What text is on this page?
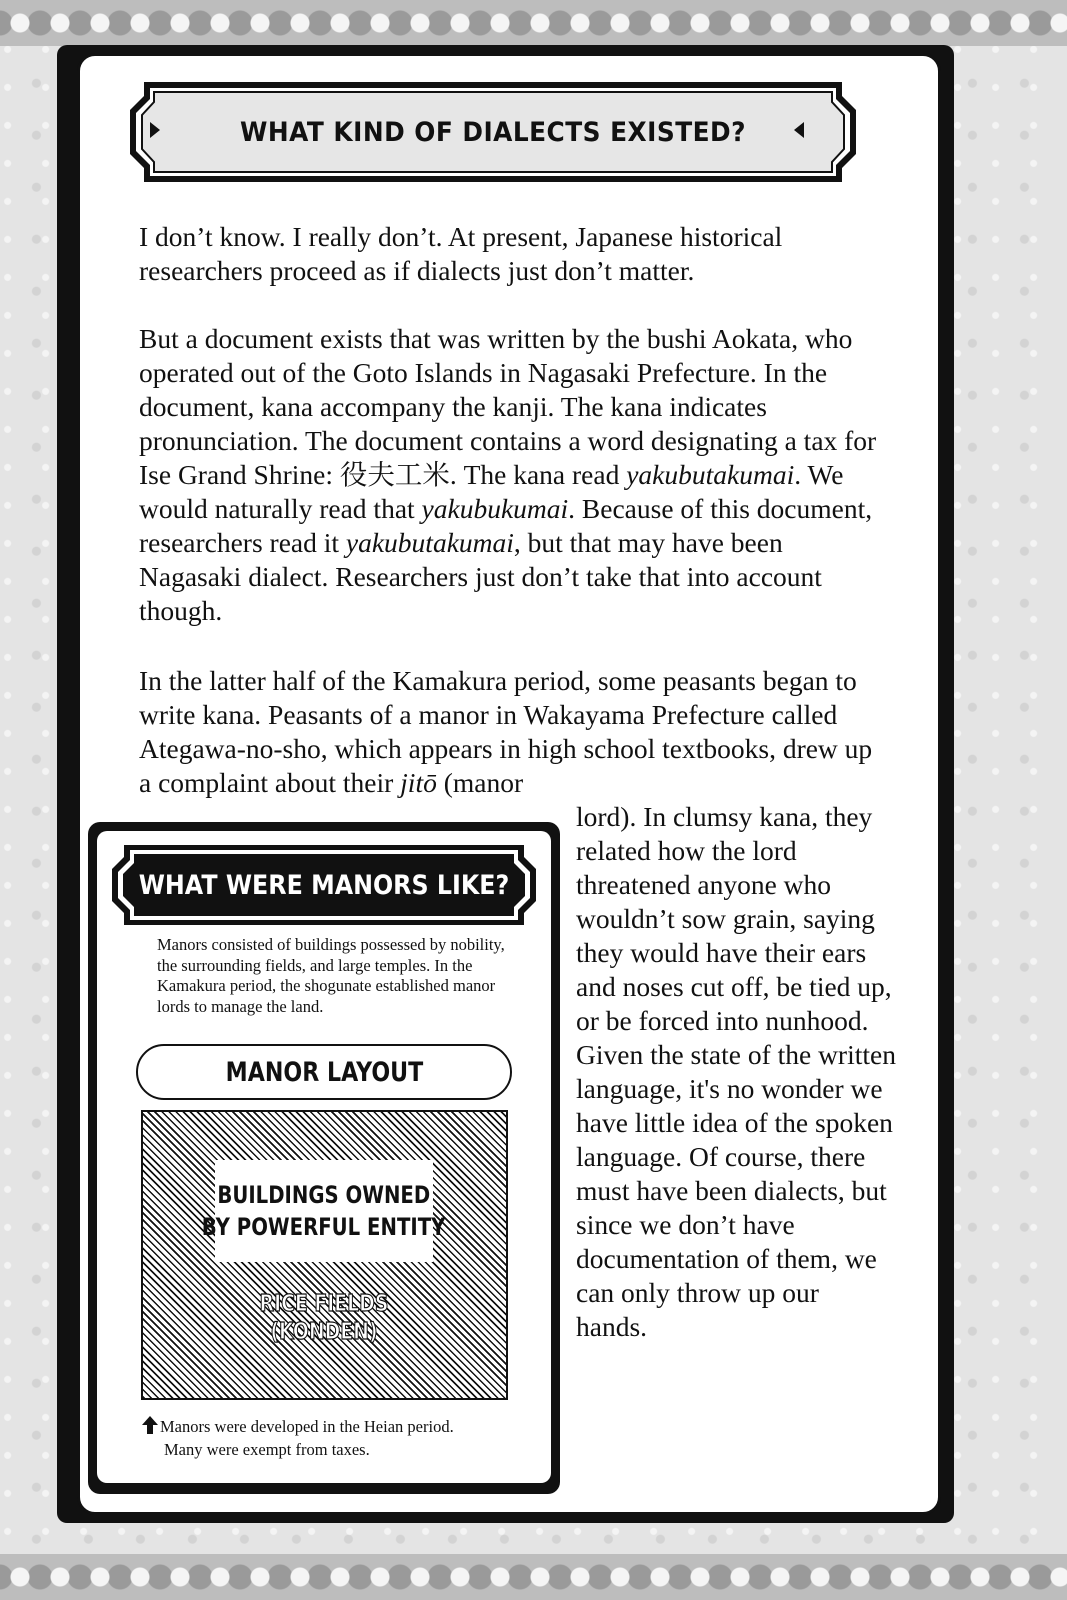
WHAT KIND OF DIALECTS EXISTED?

I don’t know. I really don’t. At present, Japanese historical researchers proceed as if dialects just don’t matter.

But a document exists that was written by the bushi Aokata, who operated out of the Goto Islands in Nagasaki Prefecture. In the document, kana accompany the kanji. The kana indicates pronunciation. The document contains a word designating a tax for Ise Grand Shrine: 役夫工米. The kana read yakubutakumai. We would naturally read that yakubukumai. Because of this document, researchers read it yakubutakumai, but that may have been Nagasaki dialect. Researchers just don’t take that into account though.

In the latter half of the Kamakura period, some peasants began to write kana. Peasants of a manor in Wakayama Prefecture called Ategawa-no-sho, which appears in high school textbooks, drew up a complaint about their jitō (manor

lord). In clumsy kana, they related how the lord threatened anyone who wouldn’t sow grain, saying they would have their ears and noses cut off, be tied up, or be forced into nunhood. Given the state of the written language, it's no wonder we have little idea of the spoken language. Of course, there must have been dialects, but since we don’t have documentation of them, we can only throw up our hands.
WHAT WERE MANORS LIKE?
Manors consisted of buildings possessed by nobility, the surrounding fields, and large temples. In the Kamakura period, the shogunate established manor lords to manage the land.
MANOR LAYOUT
BUILDINGS OWNED
BY POWERFUL ENTITY
RICE FIELDS
(KONDEN)
Manors were developed in the Heian period.
Many were exempt from taxes.
